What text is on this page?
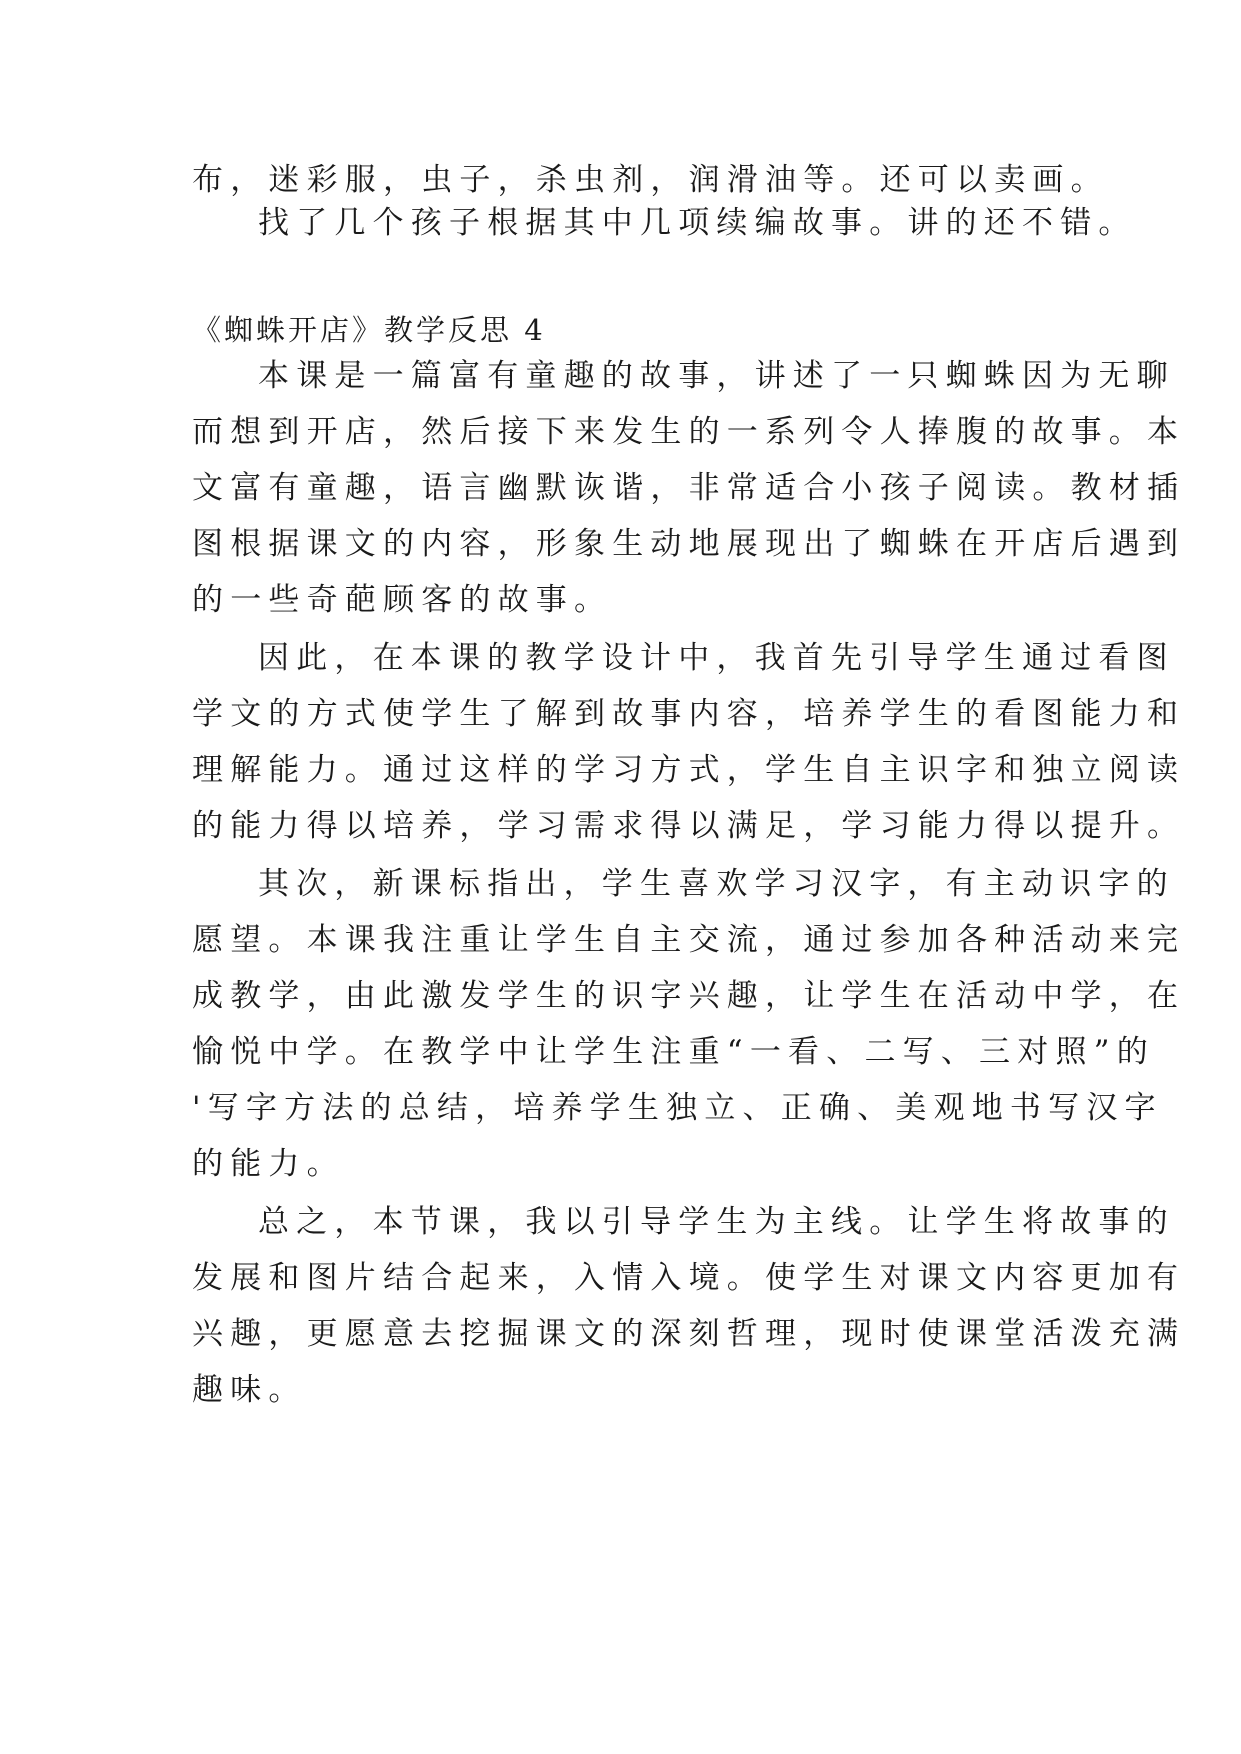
布，迷彩服，虫子，杀虫剂，润滑油等。还可以卖画。
找了几个孩子根据其中几项续编故事。讲的还不错。
《蜘蛛开店》教学反思 4
本课是一篇富有童趣的故事，讲述了一只蜘蛛因为无聊
而想到开店，然后接下来发生的一系列令人捧腹的故事。本
文富有童趣，语言幽默诙谐，非常适合小孩子阅读。教材插
图根据课文的内容，形象生动地展现出了蜘蛛在开店后遇到
的一些奇葩顾客的故事。
因此，在本课的教学设计中，我首先引导学生通过看图
学文的方式使学生了解到故事内容，培养学生的看图能力和
理解能力。通过这样的学习方式，学生自主识字和独立阅读
的能力得以培养，学习需求得以满足，学习能力得以提升。
其次，新课标指出，学生喜欢学习汉字，有主动识字的
愿望。本课我注重让学生自主交流，通过参加各种活动来完
成教学，由此激发学生的识字兴趣，让学生在活动中学，在
愉悦中学。在教学中让学生注重“一看、二写、三对照”的
'写字方法的总结，培养学生独立、正确、美观地书写汉字
的能力。
总之，本节课，我以引导学生为主线。让学生将故事的
发展和图片结合起来，入情入境。使学生对课文内容更加有
兴趣，更愿意去挖掘课文的深刻哲理，现时使课堂活泼充满
趣味。
